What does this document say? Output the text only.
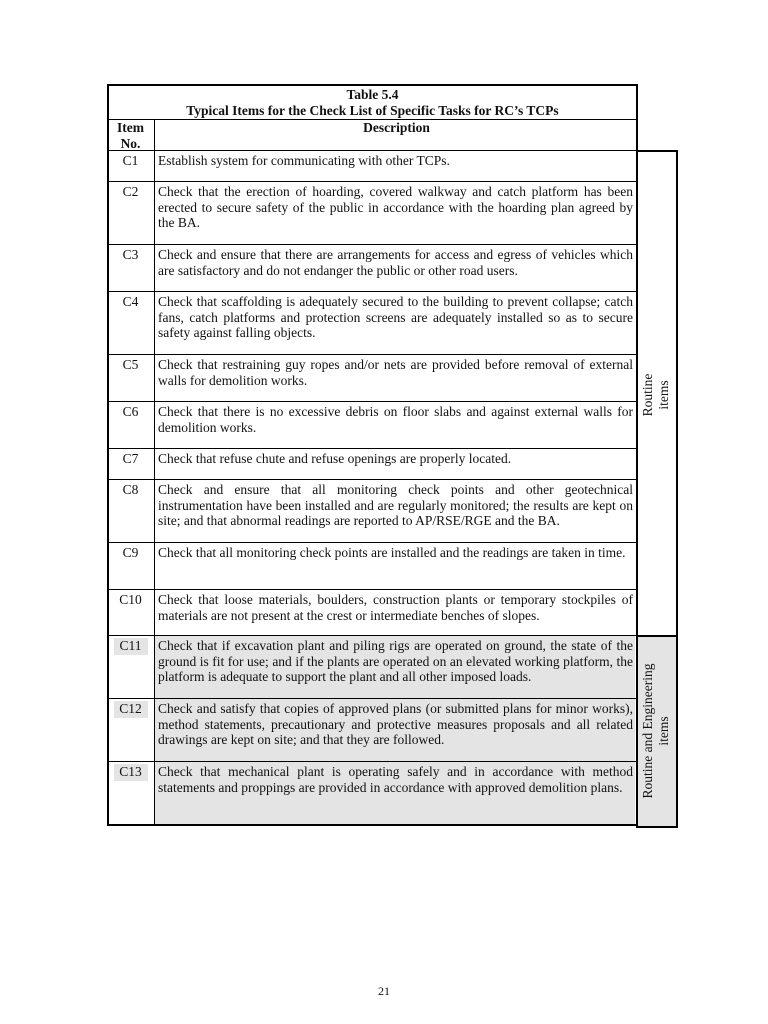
Table 5.4
Typical Items for the Check List of Specific Tasks for RC’s TCPs
Item
No.
Description
C1	Establish system for communicating with other TCPs.
C2	Check that the erection of hoarding, covered walkway and catch platform has been erected to secure safety of the public in accordance with the hoarding plan agreed by the BA.
C3	Check and ensure that there are arrangements for access and egress of vehicles which are satisfactory and do not endanger the public or other road users.
C4	Check that scaffolding is adequately secured to the building to prevent collapse; catch fans, catch platforms and protection screens are adequately installed so as to secure safety against falling objects.
C5	Check that restraining guy ropes and/or nets are provided before removal of external walls for demolition works.
C6	Check that there is no excessive debris on floor slabs and against external walls for demolition works.
C7	Check that refuse chute and refuse openings are properly located.
C8	Check and ensure that all monitoring check points and other geotechnical instrumentation have been installed and are regularly monitored; the results are kept on site; and that abnormal readings are reported to AP/RSE/RGE and the BA.
C9	Check that all monitoring check points are installed and the readings are taken in time.
C10	Check that loose materials, boulders, construction plants or temporary stockpiles of materials are not present at the crest or intermediate benches of slopes.
C11	Check that if excavation plant and piling rigs are operated on ground, the state of the ground is fit for use; and if the plants are operated on an elevated working platform, the platform is adequate to support the plant and all other imposed loads.
C12	Check and satisfy that copies of approved plans (or submitted plans for minor works), method statements, precautionary and protective measures proposals and all related drawings are kept on site; and that they are followed.
C13	Check that mechanical plant is operating safely and in accordance with method statements and proppings are provided in accordance with approved demolition plans.
Routine items
Routine and Engineering items
21
